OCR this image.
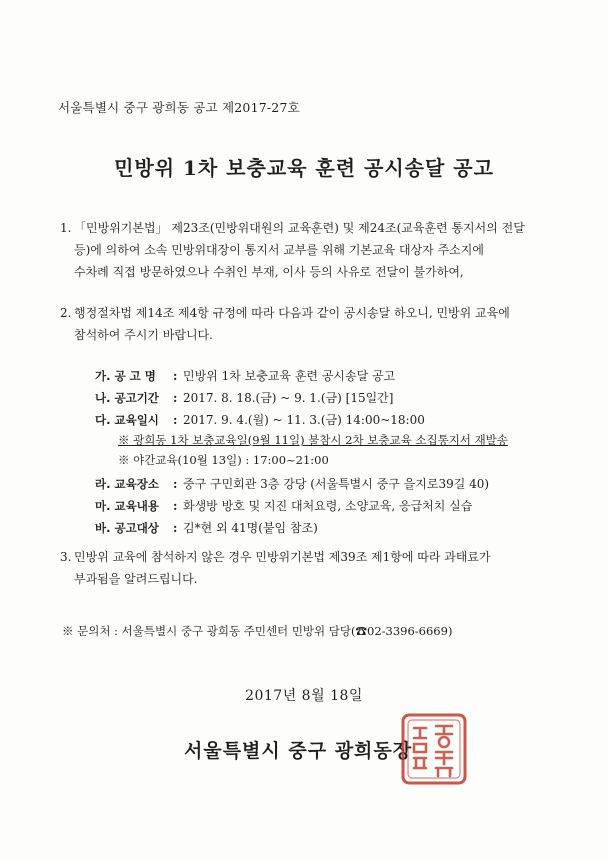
서울특별시 중구 광희동 공고 제2017-27호
민방위 1차 보충교육 훈련 공시송달 공고
1. 「민방위기본법」 제23조(민방위대원의 교육훈련) 및 제24조(교육훈련 통지서의 전달
등)에 의하여 소속 민방위대장이 통지서 교부를 위해 기본교육 대상자 주소지에
수차례 직접 방문하였으나 수취인 부재, 이사 등의 사유로 전달이 불가하여,
2. 행정절차법 제14조 제4항 규정에 따라 다음과 같이 공시송달 하오니, 민방위 교육에
참석하여 주시기 바랍니다.
가. 공 고 명 : 민방위 1차 보충교육 훈련 공시송달 공고
나. 공고기간 : 2017. 8. 18.(금) ~ 9. 1.(금) [15일간]
다. 교육일시 : 2017. 9. 4.(월) ~ 11. 3.(금) 14:00~18:00
※ 광희동 1차 보충교육일(9월 11일) 불참시 2차 보충교육 소집통지서 재발송
※ 야간교육(10월 13일) : 17:00~21:00
라. 교육장소 : 중구 구민회관 3층 강당 (서울특별시 중구 을지로39길 40)
마. 교육내용 : 화생방 방호 및 지진 대처요령, 소양교육, 응급처치 실습
바. 공고대상 : 김*현 외 41명(붙임 참조)
3. 민방위 교육에 참석하지 않은 경우 민방위기본법 제39조 제1항에 따라 과태료가
부과됨을 알려드립니다.
※ 문의처 : 서울특별시 중구 광희동 주민센터 민방위 담당(☎02-3396-6669)
2017년 8월 18일
서울특별시 중구 광희동장
